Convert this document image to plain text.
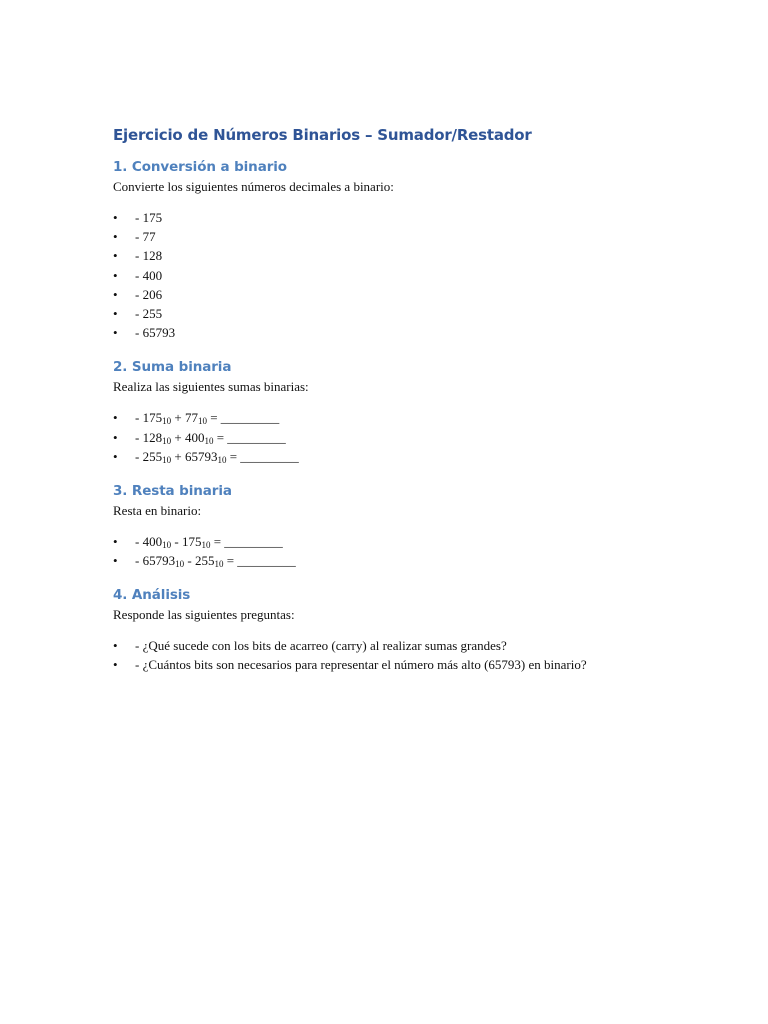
Ejercicio de Números Binarios – Sumador/Restador
1. Conversión a binario

Convierte los siguientes números decimales a binario:

• - 175
• - 77
• - 128
• - 400
• - 206
• - 255
• - 65793
2. Suma binaria

Realiza las siguientes sumas binarias:

• - $175_{10} + 77_{10}$ = _________
• - $128_{10} + 400_{10}$ = _________
• - $255_{10} + 65793_{10}$ = _________
3. Resta binaria

Resta en binario:

• - $400_{10} - 175_{10}$ = _________
• - $65793_{10} - 255_{10}$ = _________
4. Análisis

Responde las siguientes preguntas:

• - ¿Qué sucede con los bits de acarreo (carry) al realizar sumas grandes?
• - ¿Cuántos bits son necesarios para representar el número más alto (65793) en binario?
